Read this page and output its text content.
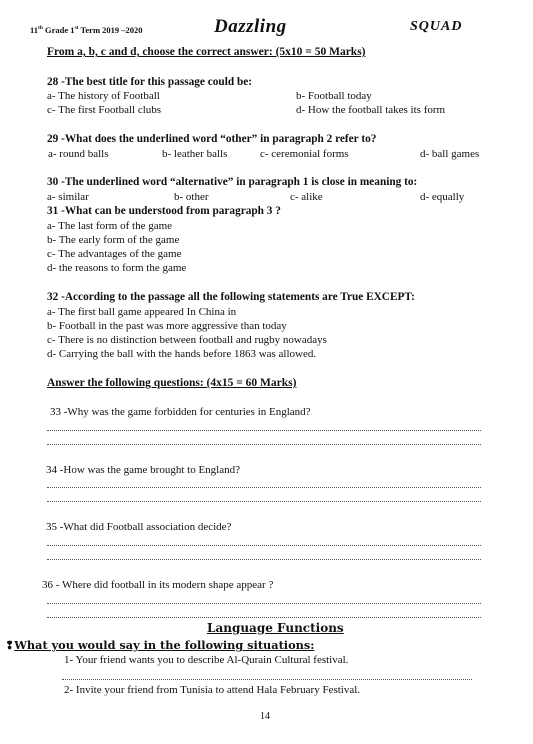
11th Grade 1st Term 2019 –2020	Dazzling	SQUAD
From a, b, c and d, choose the correct answer: (5x10 = 50 Marks)
28 -The best title for this passage could be:
a- The history of Football	b- Football today
c- The first Football clubs	d- How the football takes its form
29 -What does the underlined word “other” in paragraph 2 refer to?
a- round balls	b- leather balls	c- ceremonial forms	d- ball games
30 -The underlined word “alternative” in paragraph 1 is close in meaning to:
a- similar	b- other	c- alike	d- equally
31 -What can be understood from paragraph 3 ?
a- The last form of the game
b- The early form of the game
c- The advantages of the game
d- the reasons to form the game
32 -According to the passage all the following statements are True EXCEPT:
a- The first ball game appeared In China in
b- Football in the past was more aggressive than today
c- There is no distinction between football and rugby nowadays
d- Carrying the ball with the hands before 1863 was allowed.
Answer the following questions: (4x15 = 60 Marks)
33 -Why was the game forbidden for centuries in England?
34 -How was the game brought to England?
35 -What did Football association decide?
36 - Where did football in its modern shape appear ?
Language Functions
❢What you would say in the following situations:
1- Your friend wants you to describe Al-Qurain Cultural festival.
2- Invite your friend from Tunisia to attend Hala February Festival.
14
